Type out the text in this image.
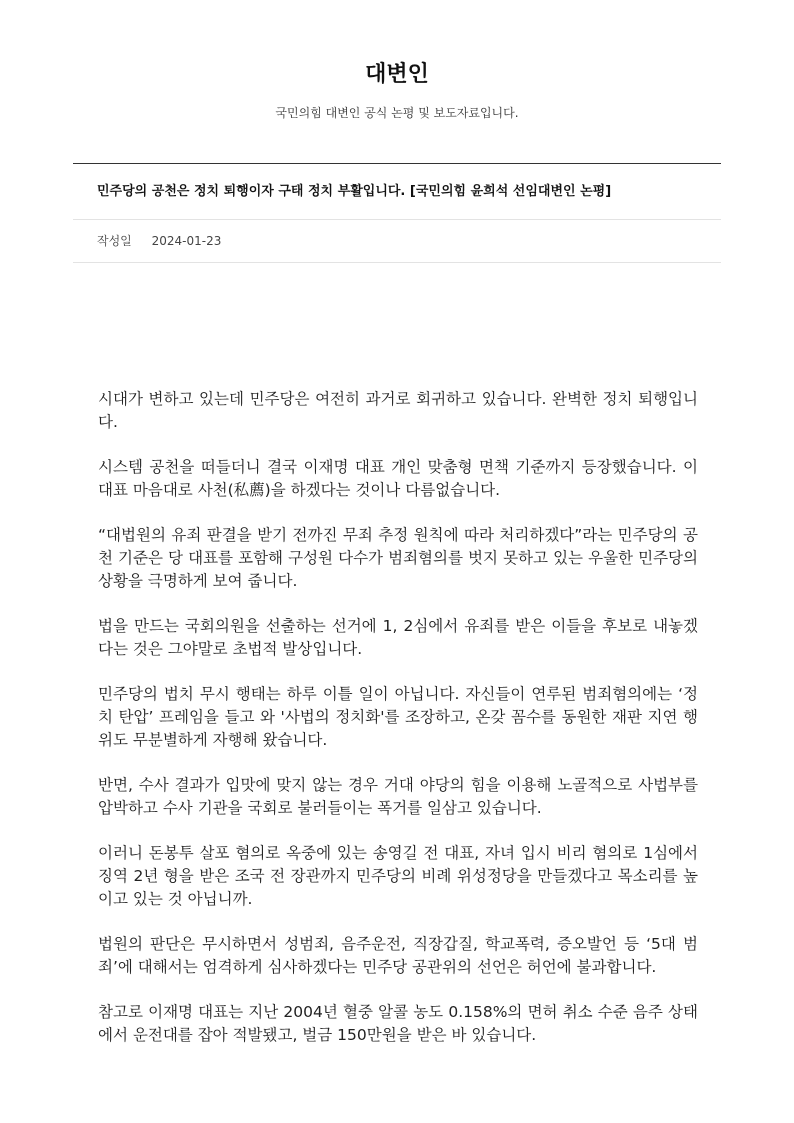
대변인
국민의힘 대변인 공식 논평 및 보도자료입니다.
민주당의 공천은 정치 퇴행이자 구태 정치 부활입니다. [국민의힘 윤희석 선임대변인 논평]
작성일 2024-01-23

시대가 변하고 있는데 민주당은 여전히 과거로 회귀하고 있습니다. 완벽한 정치 퇴행입니다.

시스템 공천을 떠들더니 결국 이재명 대표 개인 맞춤형 면책 기준까지 등장했습니다. 이 대표 마음대로 사천(私薦)을 하겠다는 것이나 다름없습니다.

“대법원의 유죄 판결을 받기 전까진 무죄 추정 원칙에 따라 처리하겠다”라는 민주당의 공천 기준은 당 대표를 포함해 구성원 다수가 범죄혐의를 벗지 못하고 있는 우울한 민주당의 상황을 극명하게 보여 줍니다.

법을 만드는 국회의원을 선출하는 선거에 1, 2심에서 유죄를 받은 이들을 후보로 내놓겠다는 것은 그야말로 초법적 발상입니다.

민주당의 법치 무시 행태는 하루 이틀 일이 아닙니다. 자신들이 연루된 범죄혐의에는 ‘정치 탄압’ 프레임을 들고 와 '사법의 정치화'를 조장하고, 온갖 꼼수를 동원한 재판 지연 행위도 무분별하게 자행해 왔습니다.

반면, 수사 결과가 입맛에 맞지 않는 경우 거대 야당의 힘을 이용해 노골적으로 사법부를 압박하고 수사 기관을 국회로 불러들이는 폭거를 일삼고 있습니다.

이러니 돈봉투 살포 혐의로 옥중에 있는 송영길 전 대표, 자녀 입시 비리 혐의로 1심에서 징역 2년 형을 받은 조국 전 장관까지 민주당의 비례 위성정당을 만들겠다고 목소리를 높이고 있는 것 아닙니까.

법원의 판단은 무시하면서 성범죄, 음주운전, 직장갑질, 학교폭력, 증오발언 등 ‘5대 범죄’에 대해서는 엄격하게 심사하겠다는 민주당 공관위의 선언은 허언에 불과합니다.

참고로 이재명 대표는 지난 2004년 혈중 알콜 농도 0.158%의 면허 취소 수준 음주 상태에서 운전대를 잡아 적발됐고, 벌금 150만원을 받은 바 있습니다.
